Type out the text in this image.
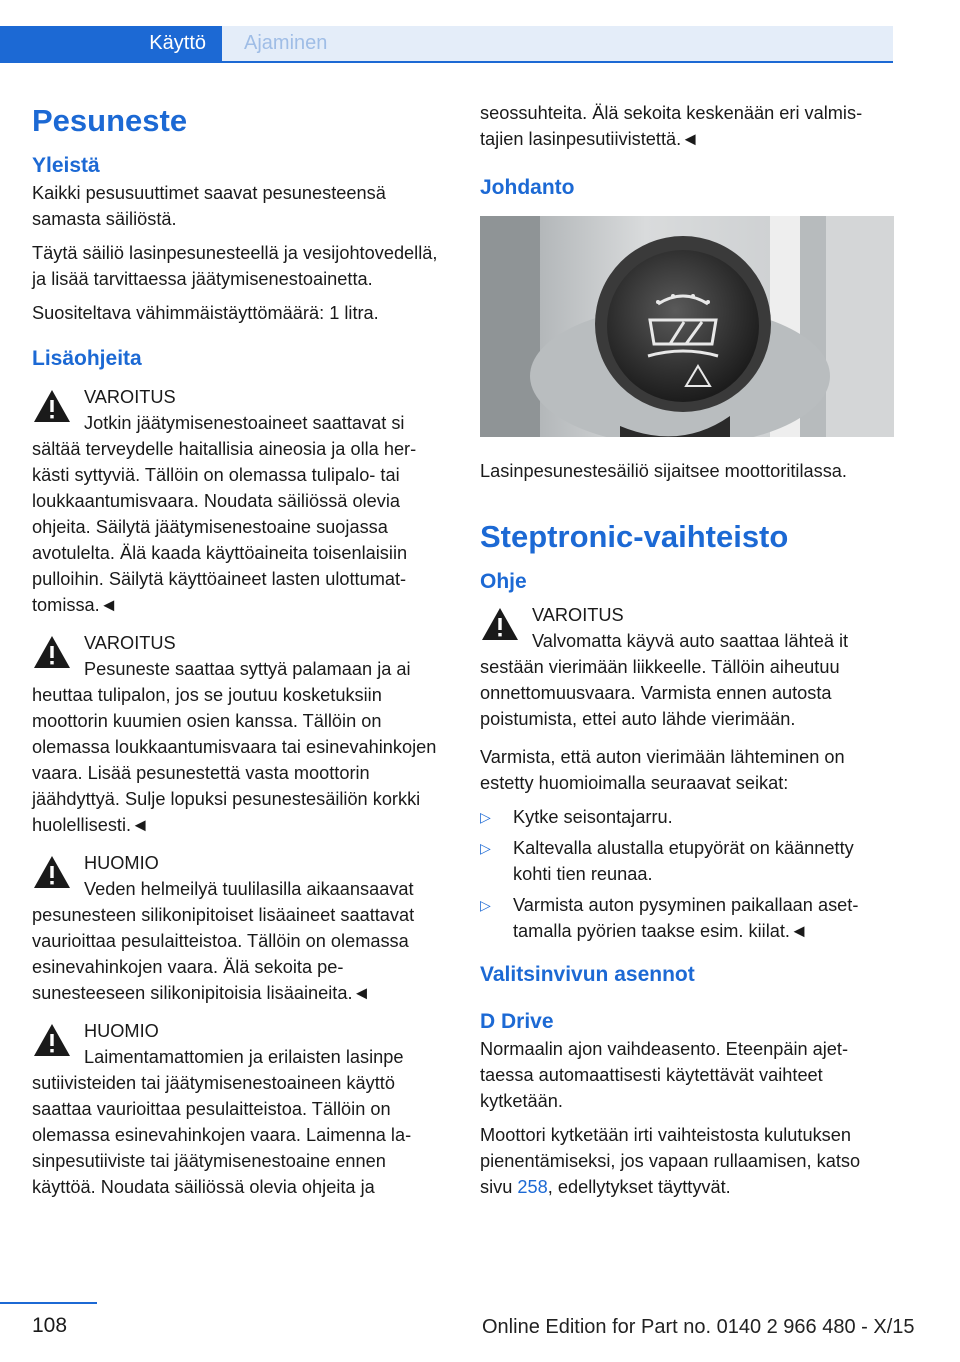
Käyttö	Ajaminen
Pesuneste
Yleistä

Kaikki pesusuuttimet saavat pesunesteensä samasta säiliöstä.

Täytä säiliö lasinpesunesteellä ja vesijohtovedellä, ja lisää tarvittaessa jäätymisenestoainetta.

Suositeltava vähimmäistäyttömäärä: 1 litra.

Lisäohjeita
VAROITUS
Jotkin jäätymisenestoaineet saattavat si
sältää terveydelle haitallisia aineosia ja olla herkästi syttyviä. Tällöin on olemassa tulipalo- tai loukkaantumisvaara. Noudata säiliössä olevia ohjeita. Säilytä jäätymisenestoaine suojassa avotulelta. Älä kaada käyttöaineita toisenlaisiin pulloihin. Säilytä käyttöaineet lasten ulottumattomissa.◄
VAROITUS
Pesuneste saattaa syttyä palamaan ja ai
heuttaa tulipalon, jos se joutuu kosketuksiin moottorin kuumien osien kanssa. Tällöin on olemassa loukkaantumisvaara tai esinevahinkojen vaara. Lisää pesunestettä vasta moottorin jäähdyttyä. Sulje lopuksi pesunestesäiliön korkki huolellisesti.◄
HUOMIO
Veden helmeilyä tuulilasilla aikaansaavat
pesunesteen silikonipitoiset lisäaineet saattavat vaurioittaa pesulaitteistoa. Tällöin on olemassa esinevahinkojen vaara. Älä sekoita pesunesteeseen silikonipitoisia lisäaineita.◄
HUOMIO
Laimentamattomien ja erilaisten lasinpe
sutiivisteiden tai jäätymisenestoaineen käyttö saattaa vaurioittaa pesulaitteistoa. Tällöin on olemassa esinevahinkojen vaara. Laimenna lasinpesutiiviste tai jäätymisenestoaine ennen käyttöä. Noudata säiliössä olevia ohjeita ja

seossuhteita. Älä sekoita keskenään eri valmistajien lasinpesutiivistettä.◄

Johdanto

Lasinpesunestesäiliö sijaitsee moottoritilassa.

Steptronic-vaihteisto
Ohje
VAROITUS
Valvomatta käyvä auto saattaa lähteä it
sestään vierimään liikkeelle. Tällöin aiheutuu onnettomuusvaara. Varmista ennen autosta poistumista, ettei auto lähde vierimään.

Varmista, että auton vierimään lähteminen on estetty huomioimalla seuraavat seikat:

▷ Kytke seisontajarru.
▷ Kaltevalla alustalla etupyörät on käännetty kohti tien reunaa.
▷ Varmista auton pysyminen paikallaan asettamalla pyörien taakse esim. kiilat.◄
Valitsinvivun asennot
D Drive

Normaalin ajon vaihdeasento. Eteenpäin ajettaessa automaattisesti käytettävät vaihteet kytketään.

Moottori kytketään irti vaihteistosta kulutuksen pienentämiseksi, jos vapaan rullaamisen, katso sivu 258, edellytykset täyttyvät.

108	Online Edition for Part no. 0140 2 966 480 - X/15
